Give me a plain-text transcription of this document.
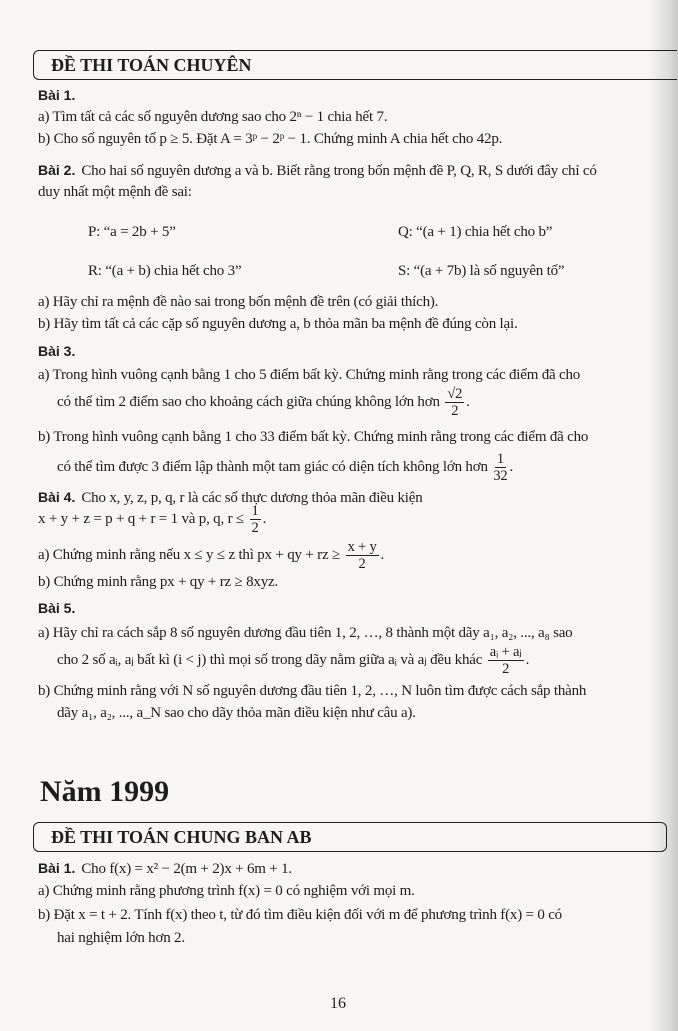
ĐỀ THI TOÁN CHUYÊN
Bài 1.
a) Tìm tất cả các số nguyên dương sao cho 2ⁿ − 1 chia hết 7.
b) Cho số nguyên tố p ≥ 5. Đặt A = 3ᵖ − 2ᵖ − 1. Chứng minh A chia hết cho 42p.
Bài 2. Cho hai số nguyên dương a và b. Biết rằng trong bốn mệnh đề P, Q, R, S dưới đây chỉ có
duy nhất một mệnh đề sai:
P: “a = 2b + 5”	Q: “(a + 1) chia hết cho b”
R: “(a + b) chia hết cho 3”	S: “(a + 7b) là số nguyên tố”
a) Hãy chỉ ra mệnh đề nào sai trong bốn mệnh đề trên (có giải thích).
b) Hãy tìm tất cả các cặp số nguyên dương a, b thỏa mãn ba mệnh đề đúng còn lại.
Bài 3.
a) Trong hình vuông cạnh bằng 1 cho 5 điểm bất kỳ. Chứng minh rằng trong các điểm đã cho
có thể tìm 2 điểm sao cho khoảng cách giữa chúng không lớn hơn $\frac{√2}{2}$ .
b) Trong hình vuông cạnh bằng 1 cho 33 điểm bất kỳ. Chứng minh rằng trong các điểm đã cho
có thể tìm được 3 điểm lập thành một tam giác có diện tích không lớn hơn $\frac{1}{32}$ .
Bài 4. Cho x, y, z, p, q, r là các số thực dương thỏa mãn điều kiện
x + y + z = p + q + r = 1 và p, q, $r \le \frac{1}{2}$ .
a) Chứng minh rằng nếu x ≤ y ≤ z thì px + qy + rz ≥ $\frac{x + y}{2}$ .
b) Chứng minh rằng px + qy + rz ≥ 8xyz.
Bài 5.
a) Hãy chỉ ra cách sắp 8 số nguyên dương đầu tiên 1, 2, …, 8 thành một dãy a₁, a₂, ..., a₈ sao
cho 2 số aᵢ, aⱼ bất kì (i < j) thì mọi số trong dãy nằm giữa aᵢ và aⱼ đều khác $\frac{\text{aᵢ + aⱼ}}{2}$ .
b) Chứng minh rằng với N số nguyên dương đầu tiên 1, 2, …, N luôn tìm được cách sắp thành
dãy a₁, a₂, ..., a_N sao cho dãy thỏa mãn điều kiện như câu a).
Năm 1999
ĐỀ THI TOÁN CHUNG BAN AB
Bài 1. Cho f(x) = x² − 2(m + 2)x + 6m + 1.
a) Chứng minh rằng phương trình f(x) = 0 có nghiệm với mọi m.
b) Đặt x = t + 2. Tính f(x) theo t, từ đó tìm điều kiện đối với m để phương trình f(x) = 0 có
hai nghiệm lớn hơn 2.
16
